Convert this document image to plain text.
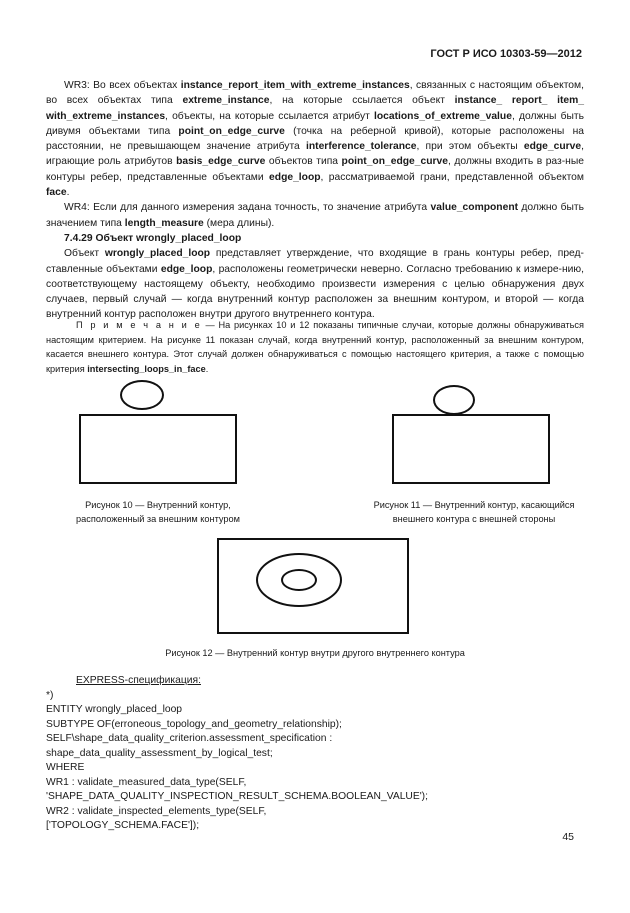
ГОСТ Р ИСО 10303-59—2012

WR3: Во всех объектах instance_report_item_with_extreme_instances, связанных с настоящим объектом, во всех объектах типа extreme_instance, на которые ссылается объект instance_ report_ item_ with_extreme_instances, объекты, на которые ссылается атрибут locations_of_extreme_value, должны быть дивумя объектами типа point_on_edge_curve (точка на реберной кривой), которые расположены на расстоянии, не превышающем значение атрибута interference_tolerance, при этом объекты edge_curve, играющие роль атрибутов basis_edge_curve объектов типа point_on_edge_curve, должны входить в раз-ные контуры ребер, представленные объектами edge_loop, рассматриваемой грани, представленной объектом face.

WR4: Если для данного измерения задана точность, то значение атрибута value_component должно быть значением типа length_measure (мера длины).

7.4.29 Объект wrongly_placed_loop

Объект wrongly_placed_loop представляет утверждение, что входящие в грань контуры ребер, пред-ставленные объектами edge_loop, расположены геометрически неверно. Согласно требованию к измере-нию, соответствующему настоящему объекту, необходимо произвести измерения с целью обнаружения двух случаев, первый случай — когда внутренний контур расположен за внешним контуром, и второй — когда внутренний контур расположен внутри другого внутреннего контура.

П р и м е ч а н и е — На рисунках 10 и 12 показаны типичные случаи, которые должны обнаруживаться настоящим критерием. На рисунке 11 показан случай, когда внутренний контур, расположенный за внешним контуром, касается внешнего контура. Этот случай должен обнаруживаться с помощью настоящего критерия, а также с помощью критерия intersecting_loops_in_face.
Рисунок 10 — Внутренний контур,
расположенный за внешним контуром
Рисунок 11 — Внутренний контур, касающийся
внешнего контура с внешней стороны
Рисунок 12 — Внутренний контур внутри другого внутреннего контура
EXPRESS-спецификация:
*)
ENTITY wrongly_placed_loop
SUBTYPE OF(erroneous_topology_and_geometry_relationship);
SELF\shape_data_quality_criterion.assessment_specification :
shape_data_quality_assessment_by_logical_test;
WHERE
WR1 : validate_measured_data_type(SELF,
'SHAPE_DATA_QUALITY_INSPECTION_RESULT_SCHEMA.BOOLEAN_VALUE');
WR2 : validate_inspected_elements_type(SELF,
['TOPOLOGY_SCHEMA.FACE']);
45
